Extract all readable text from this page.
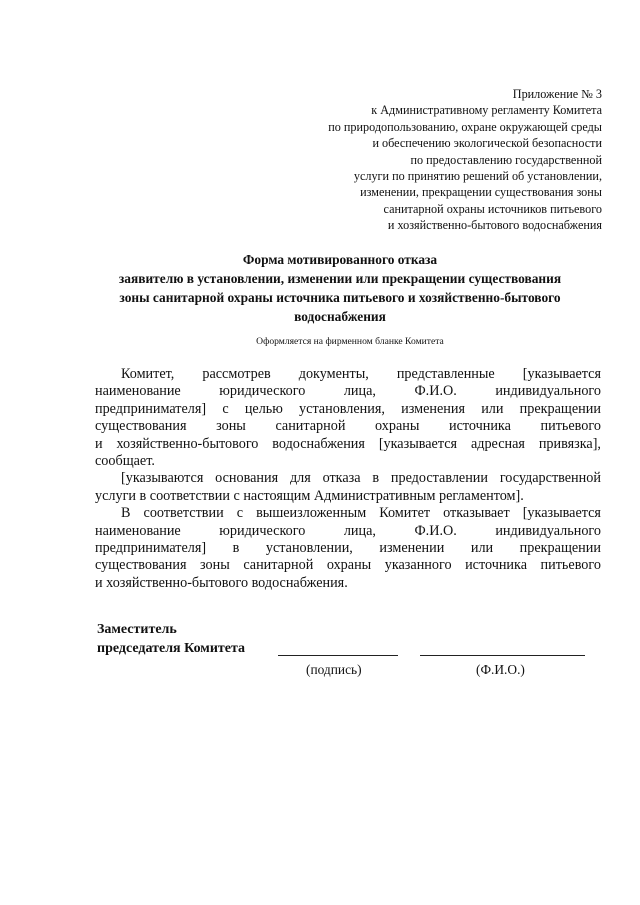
Приложение № 3
к Административному регламенту Комитета
по природопользованию, охране окружающей среды
и обеспечению экологической безопасности
по предоставлению государственной
услуги по принятию решений об установлении,
изменении, прекращении существования зоны
санитарной охраны источников питьевого
и хозяйственно-бытового водоснабжения
Форма мотивированного отказа
заявителю в установлении, изменении или прекращении существования
зоны санитарной охраны источника питьевого и хозяйственно-бытового
водоснабжения
Оформляется на фирменном бланке Комитета
Комитет, рассмотрев документы, представленные [указывается
наименование	юридического	лица,	Ф.И.О.	индивидуального
предпринимателя] с целью установления, изменения или прекращении
существования зоны санитарной охраны источника питьевого
и хозяйственно-бытового водоснабжения [указывается адресная привязка],
сообщает.
[указываются основания для отказа в предоставлении государственной
услуги в соответствии с настоящим Административным регламентом].
В соответствии с вышеизложенным Комитет отказывает [указывается
наименование	юридического	лица,	Ф.И.О.	индивидуального
предпринимателя] в установлении, изменении или прекращении
существования зоны санитарной охраны указанного источника питьевого
и хозяйственно-бытового водоснабжения.
Заместитель
председателя Комитета
(подпись)	(Ф.И.О.)
